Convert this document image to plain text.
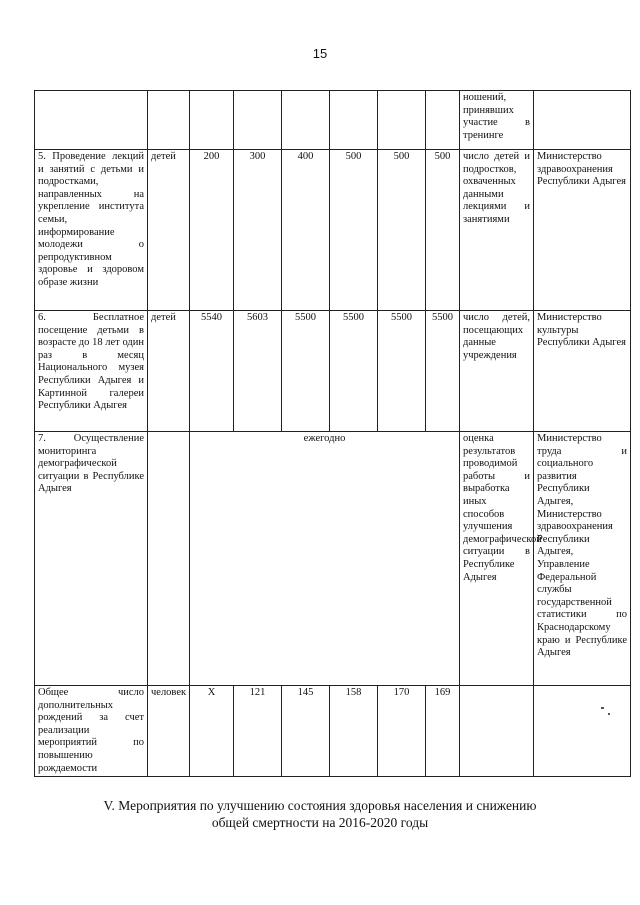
15
								ношений, принявших участие в тренинге	
5. Проведение лекций и занятий с детьми и подростками, направленных на укрепление института семьи, информирование молодежи о репродуктивном здоровье и здоровом образе жизни	детей	200	300	400	500	500	500	число детей и подростков, охваченных данными лекциями и занятиями	Министерство здравоохранения Республики Адыгея
6. Бесплатное посещение детьми в возрасте до 18 лет один раз в месяц Национального музея Республики Адыгея и Картинной галереи Республики Адыгея	детей	5540	5603	5500	5500	5500	5500	число детей, посещающих данные учреждения	Министерство культуры Республики Адыгея
7. Осуществление мониторинга демографической ситуации в Республике Адыгея		ежегодно						оценка результатов проводимой работы и выработка иных способов улучшения демографической ситуации в Республике Адыгея	Министерство труда и социального развития Республики Адыгея, Министерство здравоохранения Республики Адыгея, Управление Федеральной службы государственной статистики по Краснодарскому краю и Республике Адыгея
Общее число дополнительных рождений за счет реализации мероприятий по повышению рождаемости	человек	X	121	145	158	170	169		
V. Мероприятия по улучшению состояния здоровья населения и снижению
общей смертности на 2016-2020 годы
